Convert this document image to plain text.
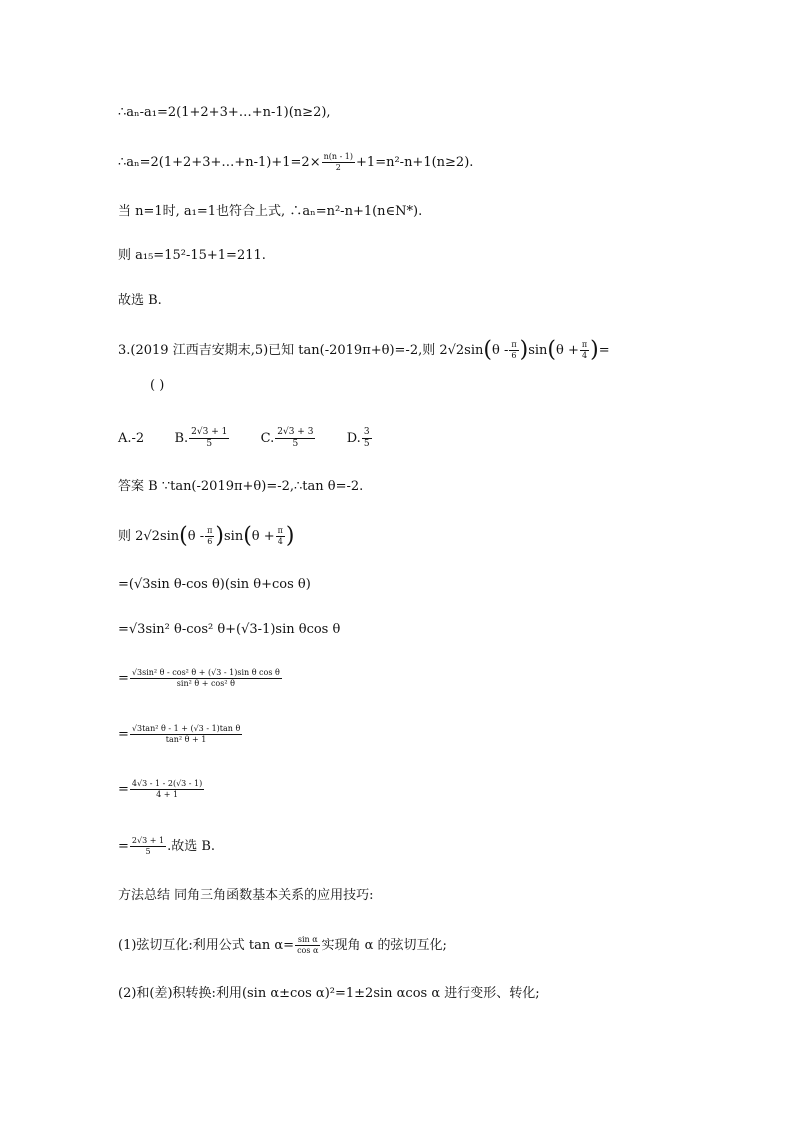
∴aₙ-a₁=2(1+2+3+…+n-1)(n≥2),
∴aₙ=2(1+2+3+…+n-1)+1=2× $\frac{n(n - 1)}{2} +1=n^2-n+1(n\ge 2)$.
当 n=1时, a₁=1也符合上式, ∴aₙ=n²-n+1(n∈N*).
则 a₁₅=15²-15+1=211.
故选 B.
3.(2019 江西吉安期末,5)已知 tan(-2019π+θ)=-2,则 $2√2\sin(\theta - \frac{\pi}{6} )\sin(\theta + \frac{\pi}{4}$ )=
( )
A.-2 B. $\frac{2√3 + 1}{5} C$. $\frac{2√3 + 3}{5} D$. $\frac{3}{5}$
答案 B ∵tan(-2019π+θ)=-2,∴tan θ=-2.
则 $2√2\sin(\theta - \frac{\pi}{6} )\sin(\theta + \frac{\pi}{4}$ )
=(√3sin θ-cos θ)(sin θ+cos θ)
=√3sin² θ-cos² θ+(√3-1)sin θcos θ
= $\frac{\text{√3sin² θ - cos² θ + (√3 - 1)sin θ cos θ}}{\text{sin² θ + cos² θ}}$
= $\frac{\text{√3tan² θ - 1 + (√3 - 1)tan θ}}{\text{tan² θ + 1}}$
= $\frac{4√3 - 1 - 2(√3 - 1)}{4 + 1}$
= $\frac{2√3 + 1}{5}$ .故选 B.
方法总结 同角三角函数基本关系的应用技巧:
(1)弦切互化:利用公式 $\tan \alpha= \frac{\text{sin α}}{\text{cos α}}$ 实现角 α 的弦切互化;
(2)和(差)积转换:利用(sin α±cos α)²=1±2sin αcos α 进行变形、转化;
